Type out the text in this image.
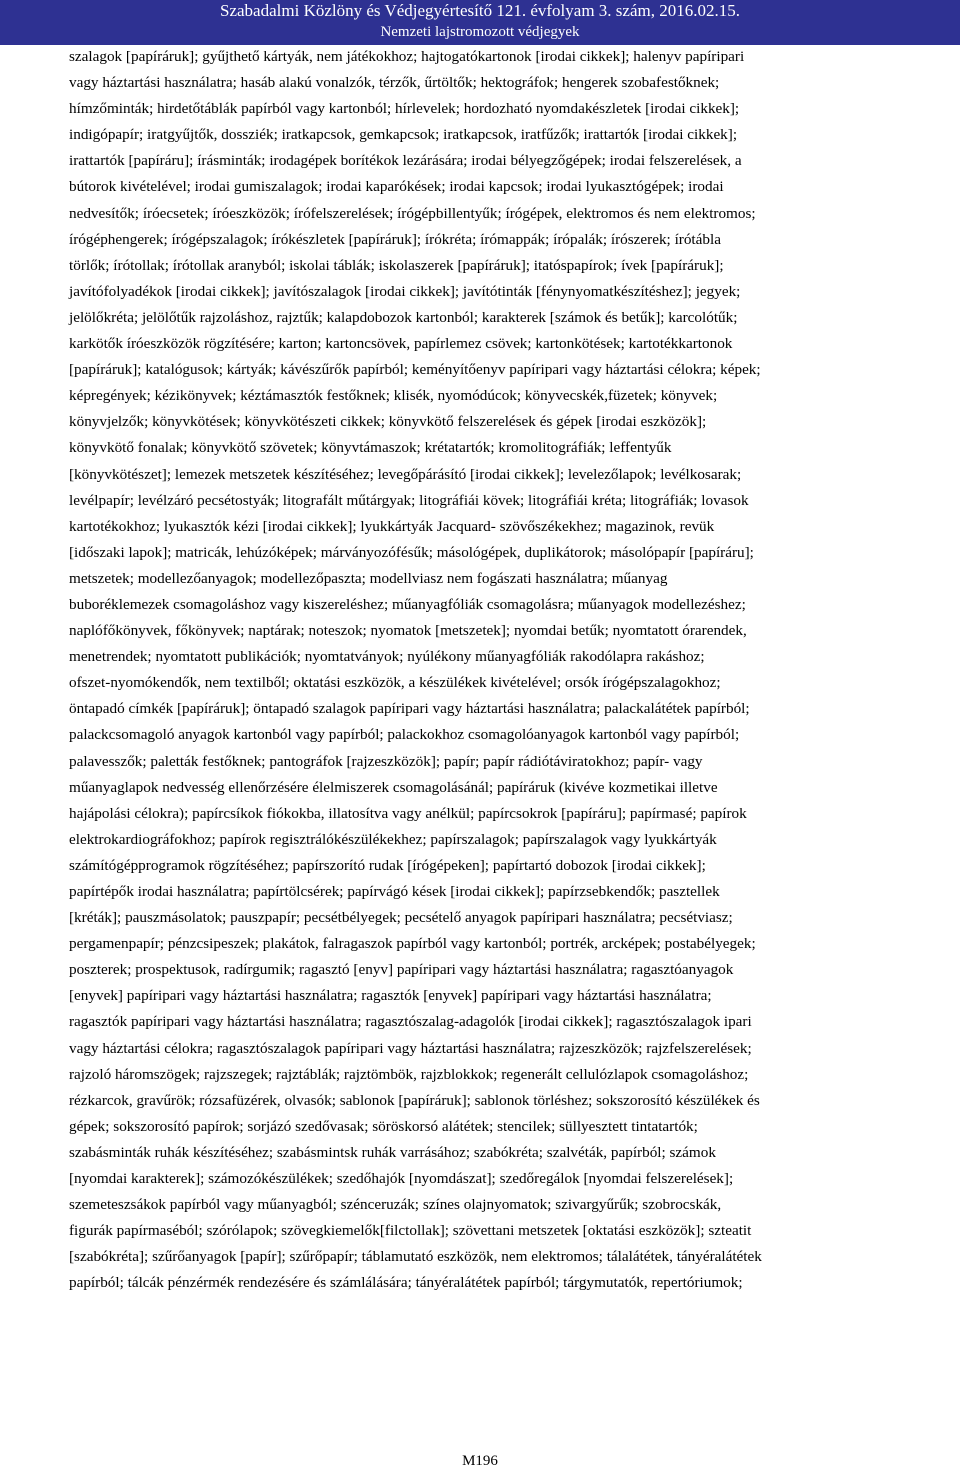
Szabadalmi Közlöny és Védjegyértesítő 121. évfolyam 3. szám, 2016.02.15.
Nemzeti lajstromozott védjegyek
szalagok [papíráruk]; gyűjthető kártyák, nem játékokhoz; hajtogatókartonok [irodai cikkek]; halenyv papíripari
vagy háztartási használatra; hasáb alakú vonalzók, térzők, űrtöltők; hektográfok; hengerek szobafestőknek;
hímzőminták; hirdetőtáblák papírból vagy kartonból; hírlevelek; hordozható nyomdakészletek [irodai cikkek];
indigópapír; iratgyűjtők, dossziék; iratkapcsok, gemkapcsok; iratkapcsok, iratfűzők; irattartók [irodai cikkek];
irattartók [papíráru]; írásminták; irodagépek borítékok lezárására; irodai bélyegzőgépek; irodai felszerelések, a
bútorok kivételével; irodai gumiszalagok; irodai kaparókések; irodai kapcsok; irodai lyukasztógépek; irodai
nedvesítők; íróecsetek; íróeszközök; írófelszerelések; írógépbillentyűk; írógépek, elektromos és nem elektromos;
írógéphengerek; írógépszalagok; írókészletek [papíráruk]; írókréta; írómappák; írópalák; írószerek; írótábla
törlők; írótollak; írótollak aranyból; iskolai táblák; iskolaszerek [papíráruk]; itatóspapírok; ívek [papíráruk];
javítófolyadékok [irodai cikkek]; javítószalagok [irodai cikkek]; javítótinták [fénynyomatkészítéshez]; jegyek;
jelölőkréta; jelölőtűk rajzoláshoz, rajztűk; kalapdobozok kartonból; karakterek [számok és betűk]; karcolótűk;
karkötők íróeszközök rögzítésére; karton; kartoncsövek, papírlemez csövek; kartonkötések; kartotékkartonok
[papíráruk]; katalógusok; kártyák; kávészűrők papírból; keményítőenyv papíripari vagy háztartási célokra; képek;
képregények; kézikönyvek; kéztámasztók festőknek; klisék, nyomódúcok; könyvecskék,füzetek; könyvek;
könyvjelzők; könyvkötések; könyvkötészeti cikkek; könyvkötő felszerelések és gépek [irodai eszközök];
könyvkötő fonalak; könyvkötő szövetek; könyvtámaszok; krétatartók; kromolitográfiák; leffentyűk
[könyvkötészet]; lemezek metszetek készítéséhez; levegőpárásító [irodai cikkek]; levelezőlapok; levélkosarak;
levélpapír; levélzáró pecsétostyák; litografált műtárgyak; litográfiái kövek; litográfiái kréta; litográfiák; lovasok
kartotékokhoz; lyukasztók kézi [irodai cikkek]; lyukkártyák Jacquard- szövőszékekhez; magazinok, revük
[időszaki lapok]; matricák, lehúzóképek; márványozófésűk; másológépek, duplikátorok; másolópapír [papíráru];
metszetek; modellezőanyagok; modellezőpaszta; modellviasz nem fogászati használatra; műanyag
buboréklemezek csomagoláshoz vagy kiszereléshez; műanyagfóliák csomagolásra; műanyagok modellezéshez;
naplófőkönyvek, főkönyvek; naptárak; noteszok; nyomatok [metszetek]; nyomdai betűk; nyomtatott órarendek,
menetrendek; nyomtatott publikációk; nyomtatványok; nyúlékony műanyagfóliák rakodólapra rakáshoz;
ofszet-nyomókendők, nem textilből; oktatási eszközök, a készülékek kivételével; orsók írógépszalagokhoz;
öntapadó címkék [papíráruk]; öntapadó szalagok papíripari vagy háztartási használatra; palackalátétek papírból;
palackcsomagoló anyagok kartonból vagy papírból; palackokhoz csomagolóanyagok kartonból vagy papírból;
palavesszők; paletták festőknek; pantográfok [rajzeszközök]; papír; papír rádiótáviratokhoz; papír- vagy
műanyaglapok nedvesség ellenőrzésére élelmiszerek csomagolásánál; papíráruk (kivéve kozmetikai illetve
hajápolási célokra); papírcsíkok fiókokba, illatosítva vagy anélkül; papírcsokrok [papíráru]; papírmasé; papírok
elektrokardiográfokhoz; papírok regisztrálókészülékekhez; papírszalagok; papírszalagok vagy lyukkártyák
számítógépprogramok rögzítéséhez; papírszorító rudak [írógépeken]; papírtartó dobozok [irodai cikkek];
papírtépők irodai használatra; papírtölcsérek; papírvágó kések [irodai cikkek]; papírzsebkendők; pasztellek
[kréták]; pauszmásolatok; pauszpapír; pecsétbélyegek; pecsételő anyagok papíripari használatra; pecsétviasz;
pergamenpapír; pénzcsipeszek; plakátok, falragaszok papírból vagy kartonból; portrék, arcképek; postabélyegek;
poszterek; prospektusok, radírgumik; ragasztó [enyv] papíripari vagy háztartási használatra; ragasztóanyagok
[enyvek] papíripari vagy háztartási használatra; ragasztók [enyvek] papíripari vagy háztartási használatra;
ragasztók papíripari vagy háztartási használatra; ragasztószalag-adagolók [irodai cikkek]; ragasztószalagok ipari
vagy háztartási célokra; ragasztószalagok papíripari vagy háztartási használatra; rajzeszközök; rajzfelszerelések;
rajzoló háromszögek; rajzszegek; rajztáblák; rajztömbök, rajzblokkok; regenerált cellulózlapok csomagoláshoz;
rézkarcok, gravűrök; rózsafüzérek, olvasók; sablonok [papíráruk]; sablonok törléshez; sokszorosító készülékek és
gépek; sokszorosító papírok; sorjázó szedővasak; söröskorsó alátétek; stencilek; süllyesztett tintatartók;
szabásminták ruhák készítéséhez; szabásmintsk ruhák varrásához; szabókréta; szalvéták, papírból; számok
[nyomdai karakterek]; számozókészülékek; szedőhajók [nyomdászat]; szedőregálok [nyomdai felszerelések];
szemeteszsákok papírból vagy műanyagból; szénceruzák; színes olajnyomatok; szivargyűrűk; szobrocskák,
figurák papírmaséból; szórólapok; szövegkiemelők[filctollak]; szövettani metszetek [oktatási eszközök]; szteatit
[szabókréta]; szűrőanyagok [papír]; szűrőpapír; táblamutató eszközök, nem elektromos; tálalátétek, tányéralátétek
papírból; tálcák pénzérmék rendezésére és számlálására; tányéralátétek papírból; tárgymutatók, repertóriumok;
M196
